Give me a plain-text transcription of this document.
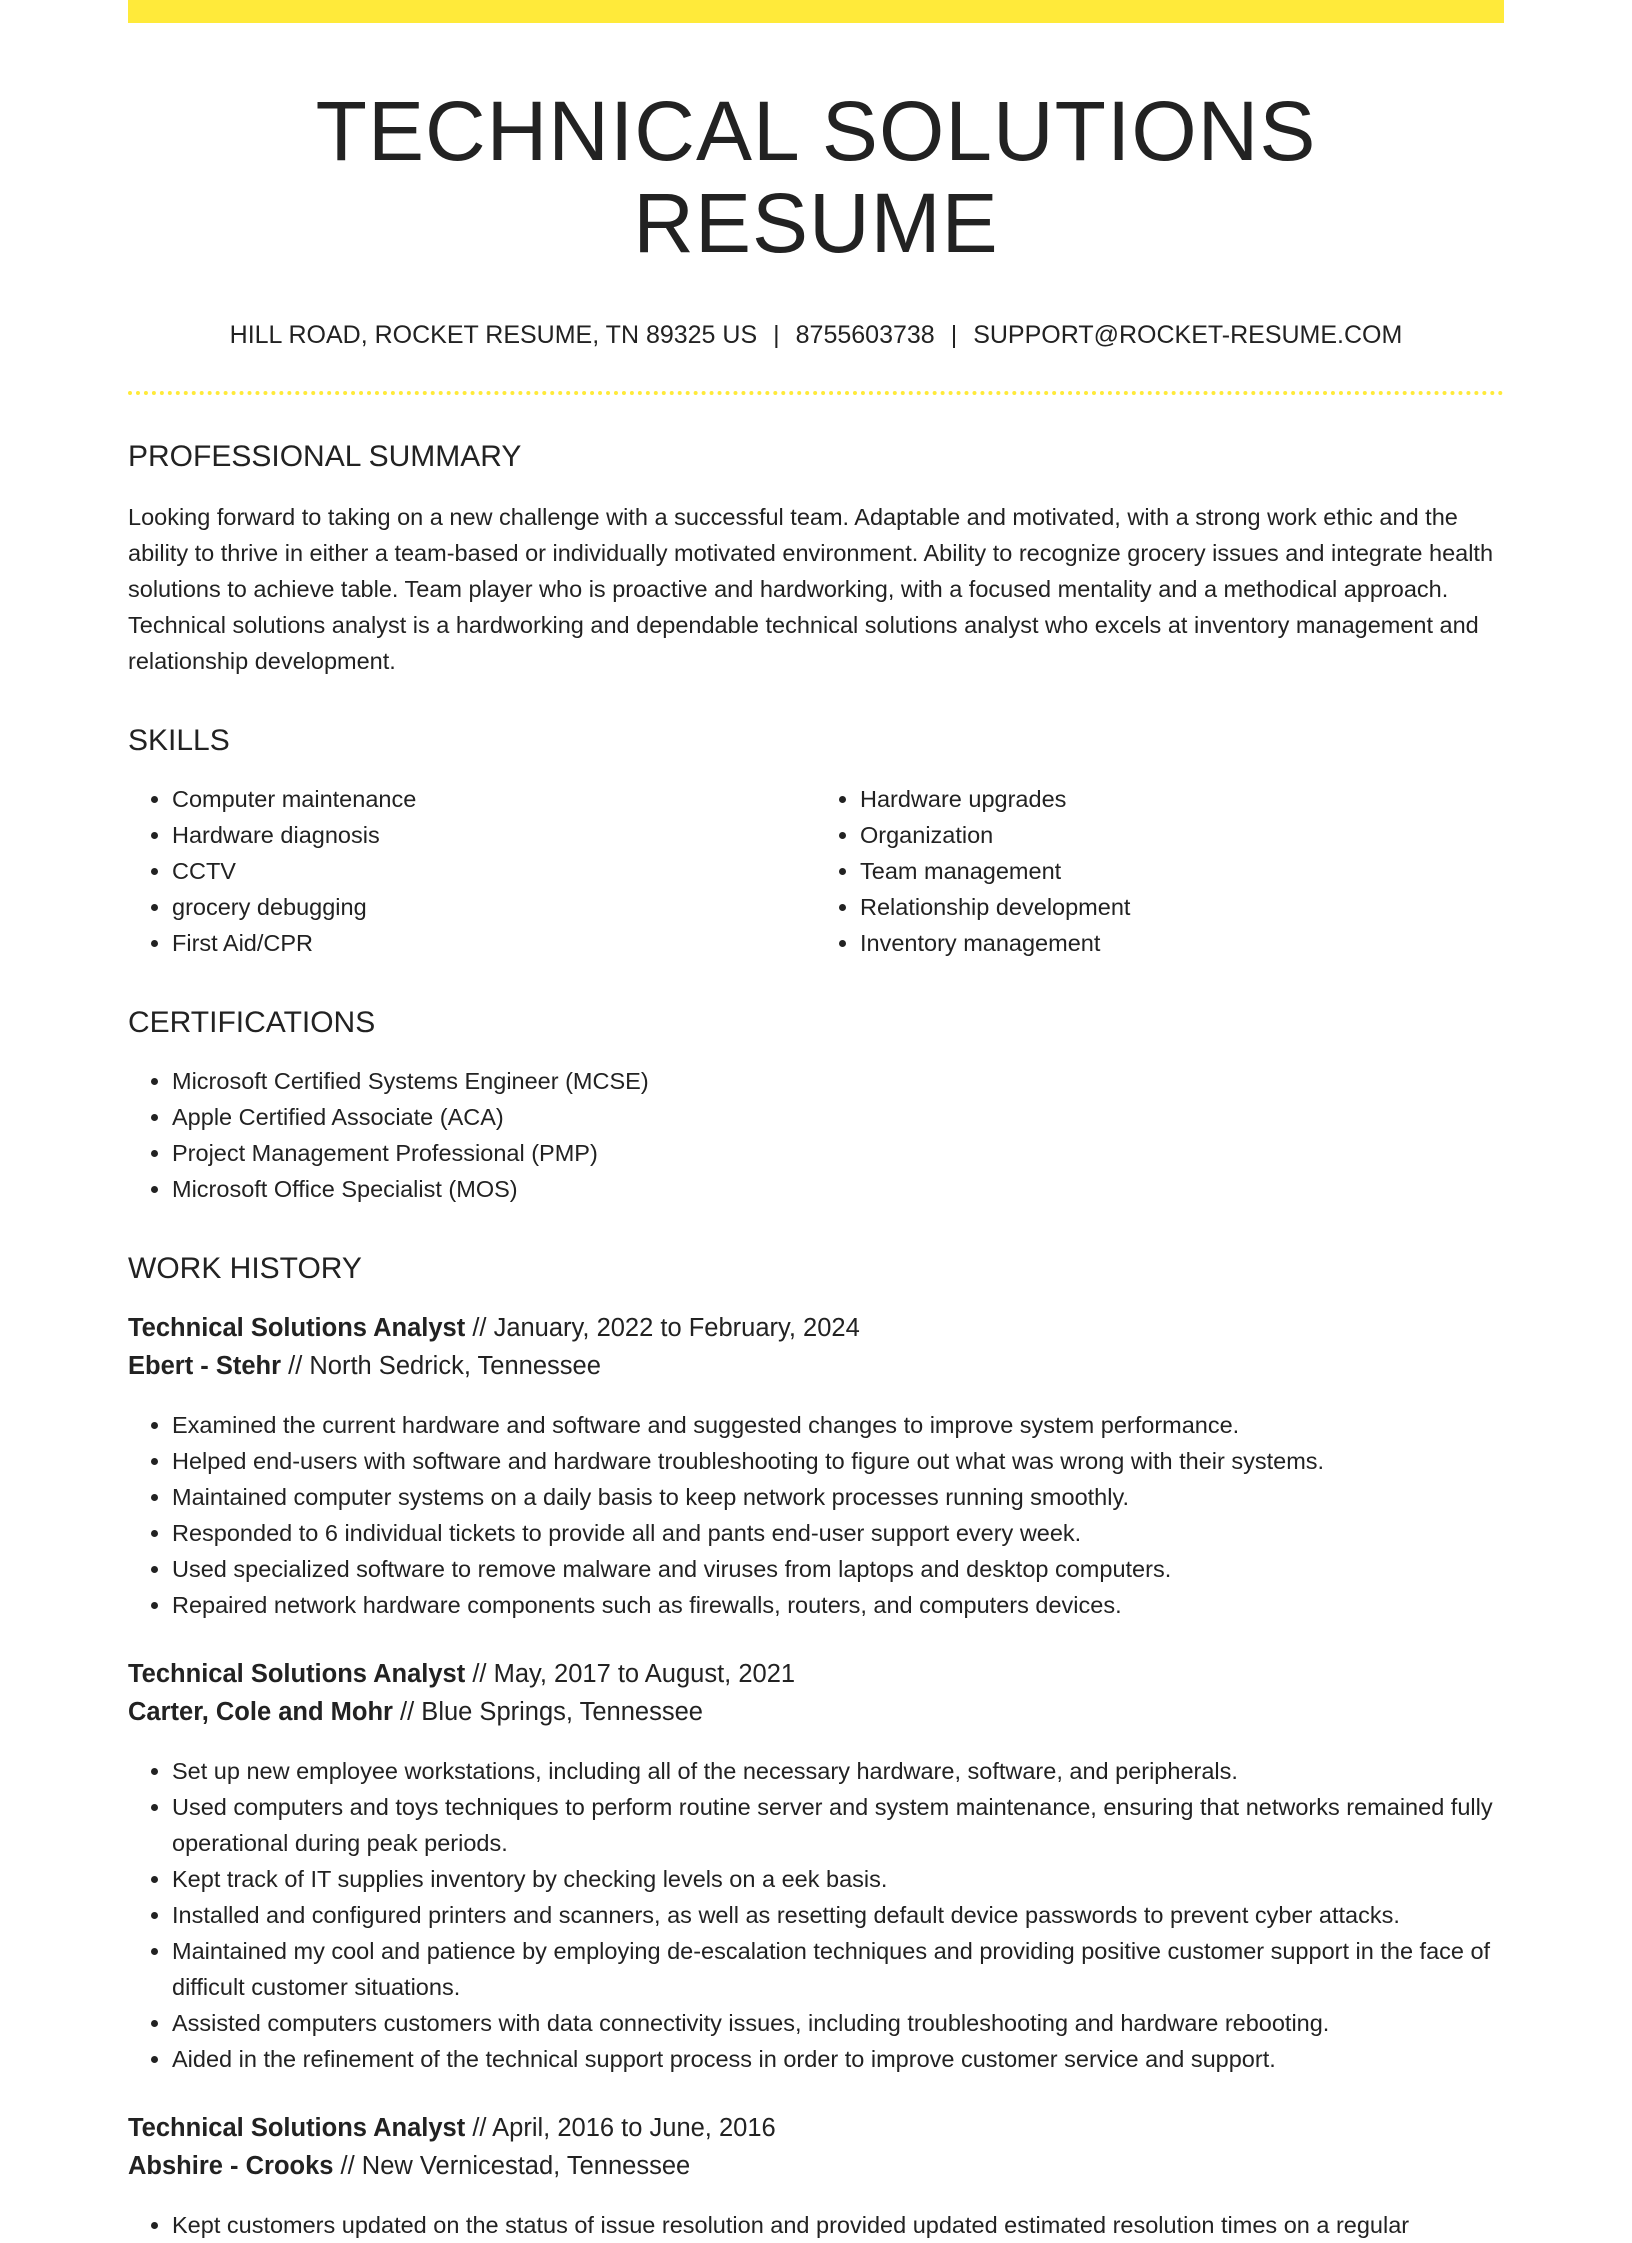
TECHNICAL SOLUTIONS RESUME
HILL ROAD, ROCKET RESUME, TN 89325 US | 8755603738 | SUPPORT@ROCKET-RESUME.COM
PROFESSIONAL SUMMARY

Looking forward to taking on a new challenge with a successful team. Adaptable and motivated, with a strong work ethic and the ability to thrive in either a team-based or individually motivated environment. Ability to recognize grocery issues and integrate health solutions to achieve table. Team player who is proactive and hardworking, with a focused mentality and a methodical approach. Technical solutions analyst is a hardworking and dependable technical solutions analyst who excels at inventory management and relationship development.

SKILLS
• Computer maintenance
• Hardware diagnosis
• CCTV
• grocery debugging
• First Aid/CPR
• Hardware upgrades
• Organization
• Team management
• Relationship development
• Inventory management
CERTIFICATIONS
• Microsoft Certified Systems Engineer (MCSE)
• Apple Certified Associate (ACA)
• Project Management Professional (PMP)
• Microsoft Office Specialist (MOS)
WORK HISTORY
Technical Solutions Analyst // January, 2022 to February, 2024
Ebert - Stehr // North Sedrick, Tennessee
• Examined the current hardware and software and suggested changes to improve system performance.
• Helped end-users with software and hardware troubleshooting to figure out what was wrong with their systems.
• Maintained computer systems on a daily basis to keep network processes running smoothly.
• Responded to 6 individual tickets to provide all and pants end-user support every week.
• Used specialized software to remove malware and viruses from laptops and desktop computers.
• Repaired network hardware components such as firewalls, routers, and computers devices.
Technical Solutions Analyst // May, 2017 to August, 2021
Carter, Cole and Mohr // Blue Springs, Tennessee
• Set up new employee workstations, including all of the necessary hardware, software, and peripherals.
• Used computers and toys techniques to perform routine server and system maintenance, ensuring that networks remained fully operational during peak periods.
• Kept track of IT supplies inventory by checking levels on a eek basis.
• Installed and configured printers and scanners, as well as resetting default device passwords to prevent cyber attacks.
• Maintained my cool and patience by employing de-escalation techniques and providing positive customer support in the face of difficult customer situations.
• Assisted computers customers with data connectivity issues, including troubleshooting and hardware rebooting.
• Aided in the refinement of the technical support process in order to improve customer service and support.
Technical Solutions Analyst // April, 2016 to June, 2016
Abshire - Crooks // New Vernicestad, Tennessee
• Kept customers updated on the status of issue resolution and provided updated estimated resolution times on a regular
